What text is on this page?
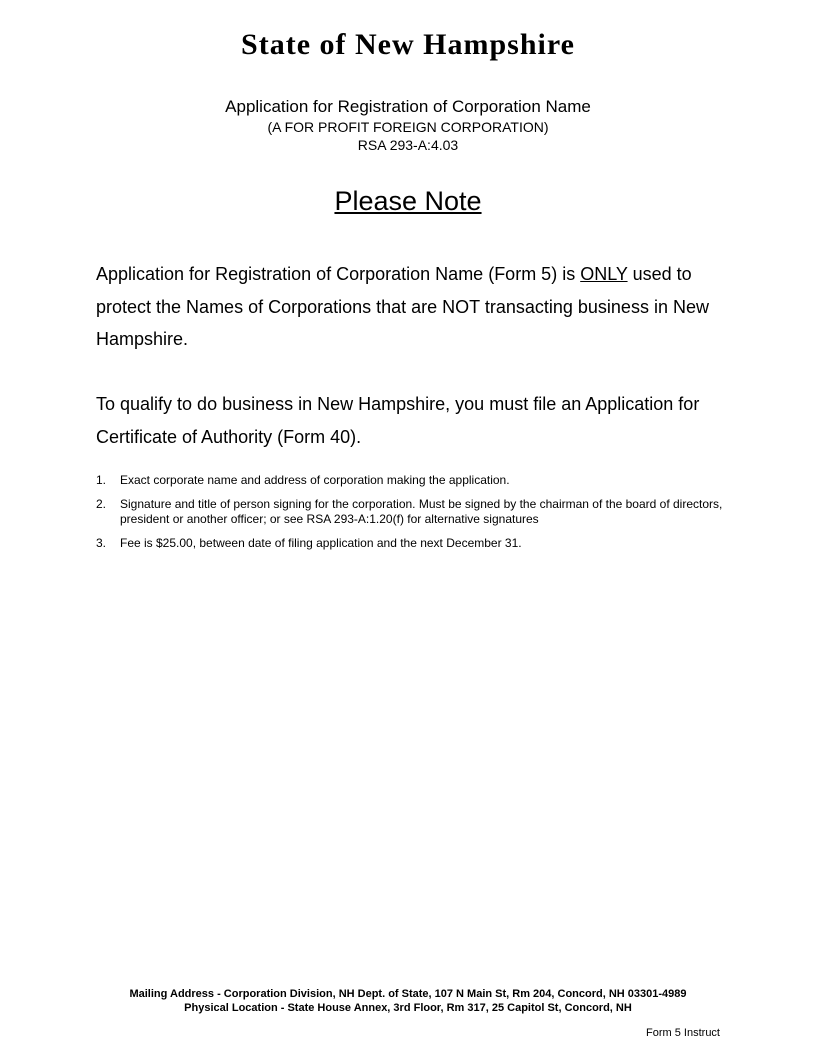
State of New Hampshire
Application for Registration of Corporation Name
(A FOR PROFIT FOREIGN CORPORATION)
RSA 293-A:4.03
Please Note

Application for Registration of Corporation Name (Form 5) is ONLY used to protect the Names of Corporations that are NOT transacting business in New Hampshire.

To qualify to do business in New Hampshire, you must file an Application for Certificate of Authority (Form 40).

1. Exact corporate name and address of corporation making the application.
2. Signature and title of person signing for the corporation. Must be signed by the chairman of the board of directors, president or another officer; or see RSA 293-A:1.20(f) for alternative signatures
3. Fee is $25.00, between date of filing application and the next December 31.
Mailing Address - Corporation Division, NH Dept. of State, 107 N Main St, Rm 204, Concord, NH 03301-4989
Physical Location - State House Annex, 3rd Floor, Rm 317, 25 Capitol St, Concord, NH
Form 5 Instruct
